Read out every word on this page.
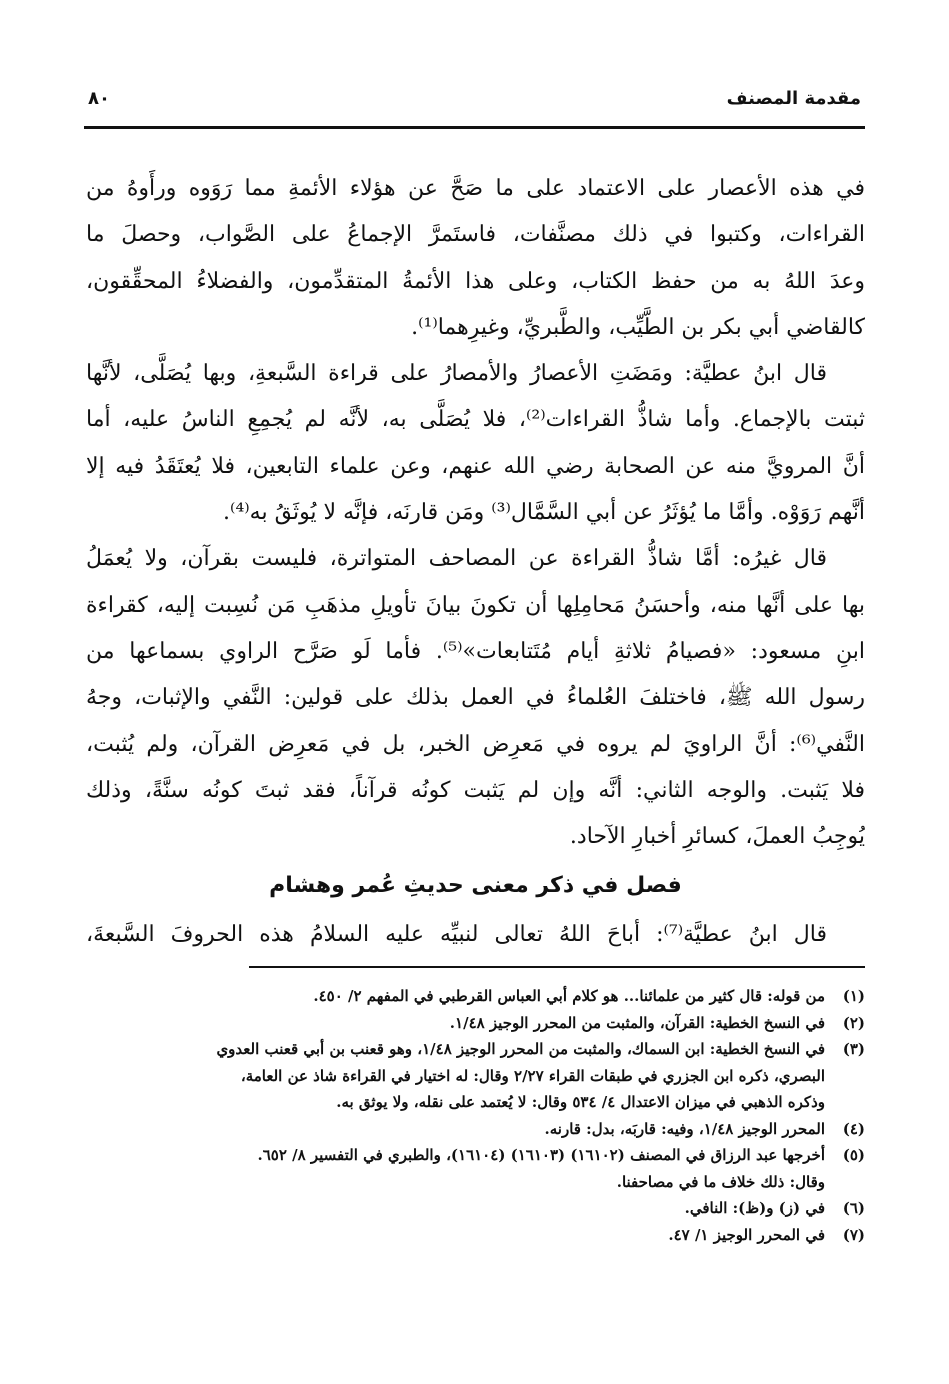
مقدمة المصنف
٨٠
في هذه الأعصار على الاعتماد على ما صَحَّ عن هؤلاء الأئمةِ مما رَوَوه ورأَوهُ من
القراءات، وكتبوا في ذلك مصنَّفات، فاستَمرَّ الإجماعُ على الصَّواب، وحصلَ ما
وعدَ اللهُ به من حفظ الكتاب، وعلى هذا الأئمةُ المتقدِّمون، والفضلاءُ المحقِّقون،
كالقاضي أبي بكر بن الطَّيِّب، والطَّبريِّ، وغيرِهما⁽¹⁾.
قال ابنُ عطيَّة: ومَضَتِ الأعصارُ والأمصارُ على قراءة السَّبعةِ، وبها يُصَلَّى، لأنَّها
ثبتت بالإجماع. وأما شاذُّ القراءات⁽²⁾، فلا يُصَلَّى به، لأنَّه لم يُجمِعِ الناسُ عليه، أما
أنَّ المرويَّ منه عن الصحابة رضي الله عنهم، وعن علماء التابعين، فلا يُعتَقَدُ فيه إلا
أنَّهم رَوَوْه. وأمَّا ما يُؤثَرُ عن أبي السَّمَّال⁽³⁾ ومَن قارنَه، فإنَّه لا يُوثَقُ به⁽⁴⁾.
قال غيرُه: أمَّا شاذُّ القراءة عن المصاحف المتواترة، فليست بقرآن، ولا يُعمَلُ
بها على أنَّها منه، وأحسَنُ مَحامِلِها أن تكونَ بيانَ تأويلِ مذهَبِ مَن نُسِبت إليه، كقراءة
ابنِ مسعود: «فصيامُ ثلاثةِ أيام مُتَتابعات»⁽⁵⁾. فأما لَو صَرَّح الراوي بسماعها من
رسول الله ﷺ، فاختلفَ العُلماءُ في العمل بذلك على قولين: النَّفي والإثبات، وجهُ
النَّفي⁽⁶⁾: أنَّ الراويَ لم يروه في مَعرِض الخبر، بل في مَعرِض القرآن، ولم يُثبت،
فلا يَثبت. والوجه الثاني: أنَّه وإن لم يَثبت كونُه قرآناً، فقد ثبتَ كونُه سنَّةً، وذلك
يُوجِبُ العملَ، كسائرِ أخبارِ الآحاد.
فصل في ذكر معنى حديثِ عُمر وهشام
قال ابنُ عطيَّة⁽⁷⁾: أباحَ اللهُ تعالى لنبيِّه عليه السلامُ هذه الحروفَ السَّبعةَ،
(١)من قوله: قال كثير من علمائنا... هو كلام أبي العباس القرطبي في المفهم ٢/ ٤٥٠.
(٢)في النسخ الخطية: القرآن، والمثبت من المحرر الوجيز ١/٤٨.
(٣)في النسخ الخطية: ابن السماك، والمثبت من المحرر الوجيز ١/٤٨، وهو قعنب بن أبي قعنب العدوي
البصري، ذكره ابن الجزري في طبقات القراء ٢/٢٧ وقال: له اختيار في القراءة شاذ عن العامة،
وذكره الذهبي في ميزان الاعتدال ٤/ ٥٣٤ وقال: لا يُعتمد على نقله، ولا يوثق به.
(٤)المحرر الوجيز ١/٤٨، وفيه: قاربَه، بدل: قارنه.
(٥)أخرجها عبد الرزاق في المصنف (١٦١٠٢) (١٦١٠٣) (١٦١٠٤)، والطبري في التفسير ٨/ ٦٥٢.
وقال: ذلك خلاف ما في مصاحفنا.
(٦)في (ز) و(ظ): النافي.
(٧)في المحرر الوجيز ١/ ٤٧.
